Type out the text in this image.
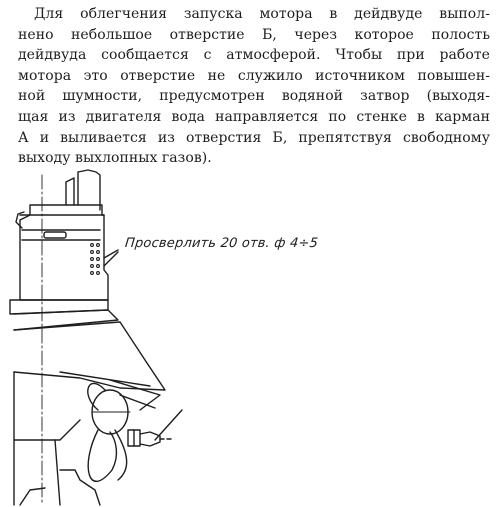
Для облегчения запуска мотора в дейдвуде выпол-
нено небольшое отверстие Б, через которое полость
дейдвуда сообщается с атмосферой. Чтобы при работе
мотора это отверстие не служило источником повышен-
ной шумности, предусмотрен водяной затвор (выходя-
щая из двигателя вода направляется по стенке в карман
А и выливается из отверстия Б, препятствуя свободному
выходу выхлопных газов).
Просверлить 20 отв. ф 4÷5
